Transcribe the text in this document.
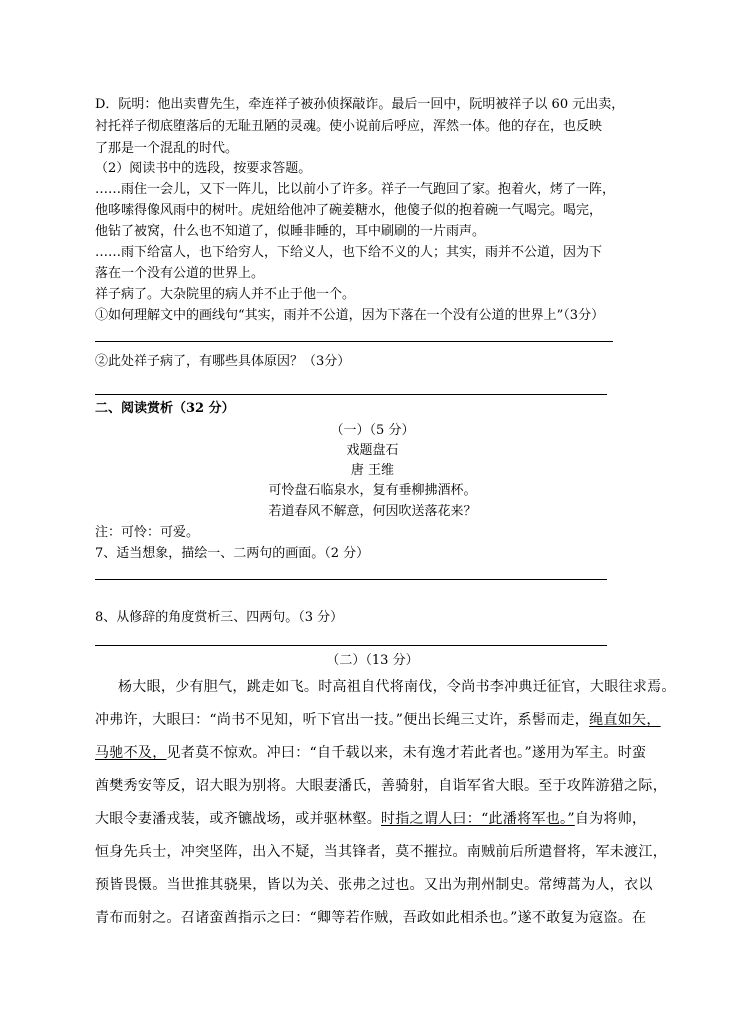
D．阮明：他出卖曹先生，牵连祥子被孙侦探敲诈。最后一回中，阮明被祥子以 60 元出卖，
衬托祥子彻底堕落后的无耻丑陋的灵魂。使小说前后呼应，浑然一体。他的存在，也反映
了那是一个混乱的时代。
（2）阅读书中的选段，按要求答题。
……雨住一会儿，又下一阵儿，比以前小了许多。祥子一气跑回了家。抱着火，烤了一阵，
他哆嗦得像风雨中的树叶。虎妞给他冲了碗姜糖水，他傻子似的抱着碗一气喝完。喝完，
他钻了被窝，什么也不知道了，似睡非睡的，耳中刷刷的一片雨声。
……雨下给富人，也下给穷人，下给义人，也下给不义的人；其实，雨并不公道，因为下
落在一个没有公道的世界上。
祥子病了。大杂院里的病人并不止于他一个。
①如何理解文中的画线句“其实，雨并不公道，因为下落在一个没有公道的世界上”（3分）
②此处祥子病了，有哪些具体原因？（3分）
二、阅读赏析（32 分）
（一）（5 分）
戏题盘石
唐 王维
可怜盘石临泉水，复有垂柳拂酒杯。
若道春风不解意，何因吹送落花来？
注：可怜：可爱。
7、适当想象，描绘一、二两句的画面。（2 分）
8、从修辞的角度赏析三、四两句。（3 分）
（二）（13 分）
杨大眼，少有胆气，跳走如飞。时高祖自代将南伐，令尚书李冲典迁征官，大眼往求焉。
冲弗许，大眼曰：“尚书不见知，听下官出一技。”便出长绳三丈许，系髻而走，绳直如矢，
马驰不及，见者莫不惊欢。冲曰：“自千载以来，未有逸才若此者也。”遂用为军主。时蛮
酋樊秀安等反，诏大眼为别将。大眼妻潘氏，善骑射，自诣军省大眼。至于攻阵游猎之际，
大眼令妻潘戎装，或齐镳战场，或并驱林壑。时指之谓人曰：“此潘将军也。”自为将帅，
恒身先兵士，冲突坚阵，出入不疑，当其锋者，莫不摧拉。南贼前后所遣督将，军未渡江，
预皆畏慑。当世推其骁果，皆以为关、张弗之过也。又出为荆州制史。常缚蒿为人，衣以
青布而射之。召诸蛮酋指示之曰：“卿等若作贼，吾政如此相杀也。”遂不敢复为寇盗。在
